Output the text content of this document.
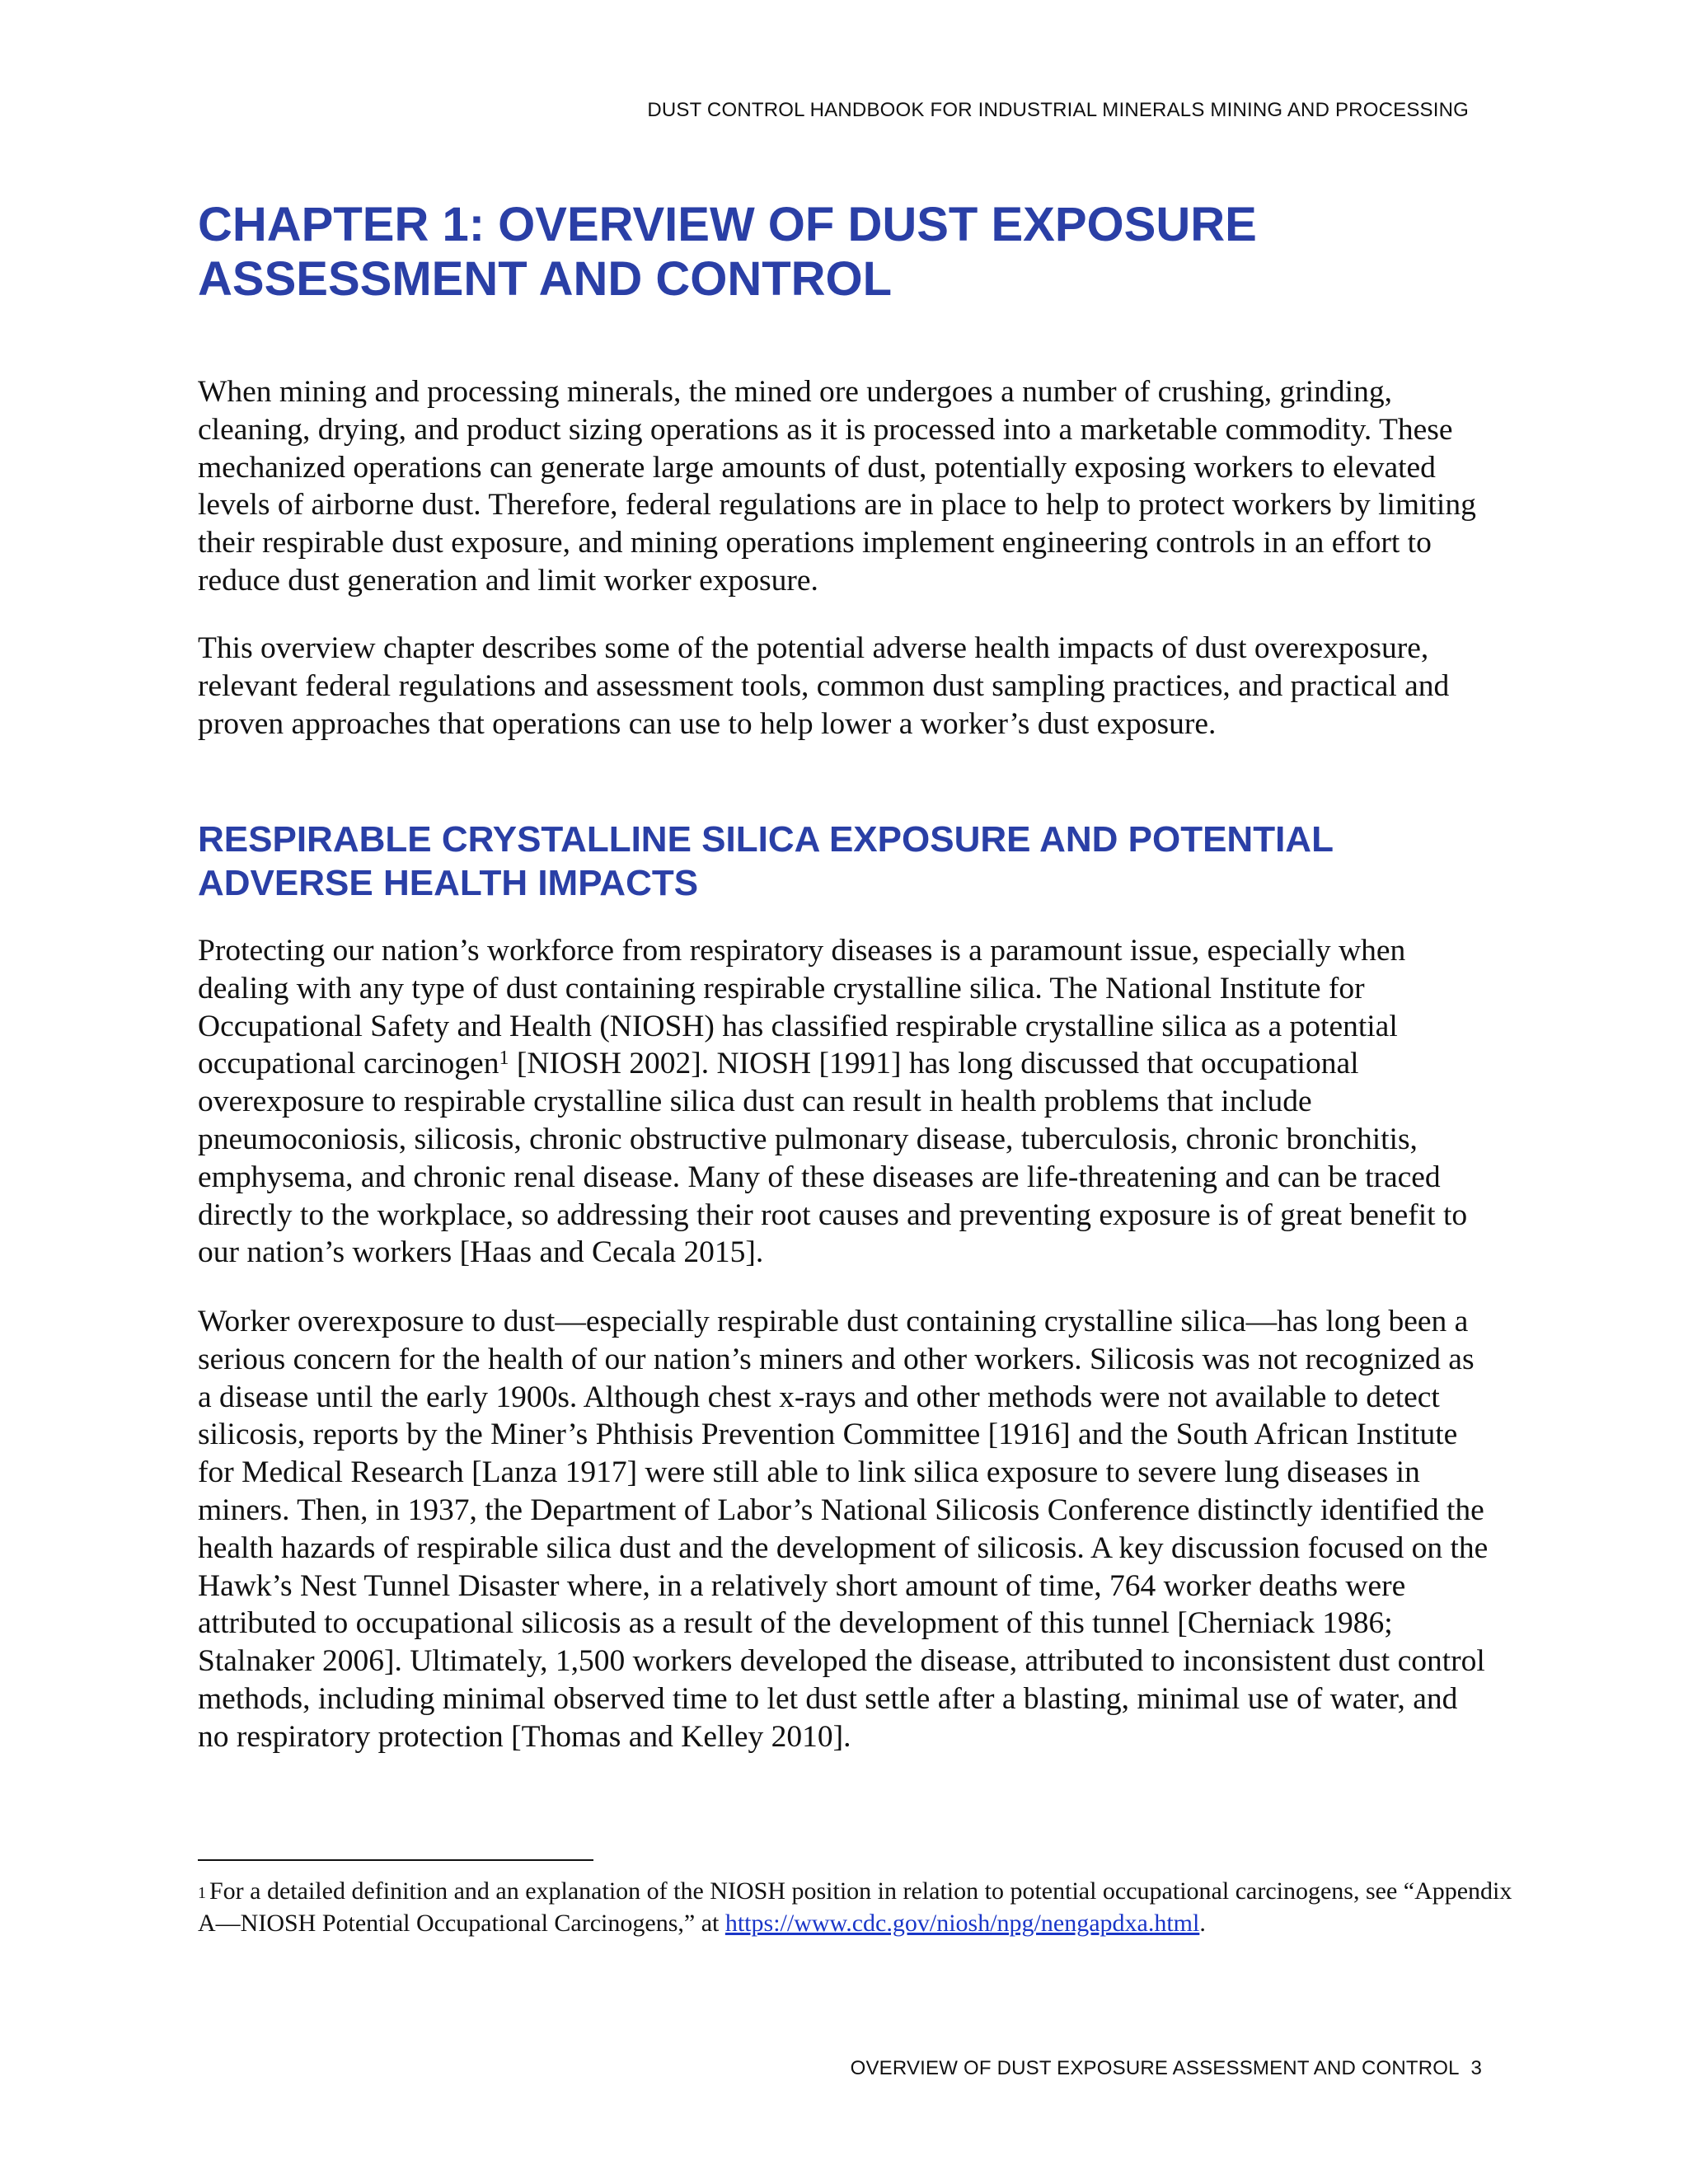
DUST CONTROL HANDBOOK FOR INDUSTRIAL MINERALS MINING AND PROCESSING
CHAPTER 1: OVERVIEW OF DUST EXPOSURE
ASSESSMENT AND CONTROL

When mining and processing minerals, the mined ore undergoes a number of crushing, grinding, cleaning, drying, and product sizing operations as it is processed into a marketable commodity. These mechanized operations can generate large amounts of dust, potentially exposing workers to elevated levels of airborne dust. Therefore, federal regulations are in place to help to protect workers by limiting their respirable dust exposure, and mining operations implement engineering controls in an effort to reduce dust generation and limit worker exposure.

This overview chapter describes some of the potential adverse health impacts of dust overexposure, relevant federal regulations and assessment tools, common dust sampling practices, and practical and proven approaches that operations can use to help lower a worker’s dust exposure.

RESPIRABLE CRYSTALLINE SILICA EXPOSURE AND POTENTIAL
ADVERSE HEALTH IMPACTS

Protecting our nation’s workforce from respiratory diseases is a paramount issue, especially when dealing with any type of dust containing respirable crystalline silica. The National Institute for Occupational Safety and Health (NIOSH) has classified respirable crystalline silica as a potential occupational carcinogen$^1$ [NIOSH 2002]. NIOSH [1991] has long discussed that occupational overexposure to respirable crystalline silica dust can result in health problems that include pneumoconiosis, silicosis, chronic obstructive pulmonary disease, tuberculosis, chronic bronchitis, emphysema, and chronic renal disease. Many of these diseases are life-threatening and can be traced directly to the workplace, so addressing their root causes and preventing exposure is of great benefit to our nation’s workers [Haas and Cecala 2015].

Worker overexposure to dust—especially respirable dust containing crystalline silica—has long been a serious concern for the health of our nation’s miners and other workers. Silicosis was not recognized as a disease until the early 1900s. Although chest x-rays and other methods were not available to detect silicosis, reports by the Miner’s Phthisis Prevention Committee [1916] and the South African Institute for Medical Research [Lanza 1917] were still able to link silica exposure to severe lung diseases in miners. Then, in 1937, the Department of Labor’s National Silicosis Conference distinctly identified the health hazards of respirable silica dust and the development of silicosis. A key discussion focused on the Hawk’s Nest Tunnel Disaster where, in a relatively short amount of time, 764 worker deaths were attributed to occupational silicosis as a result of the development of this tunnel [Cherniack 1986; Stalnaker 2006]. Ultimately, 1,500 workers developed the disease, attributed to inconsistent dust control methods, including minimal observed time to let dust settle after a blasting, minimal use of water, and no respiratory protection [Thomas and Kelley 2010].

$^1$ For a detailed definition and an explanation of the NIOSH position in relation to potential occupational carcinogens, see “Appendix A—NIOSH Potential Occupational Carcinogens,” at https://www.cdc.gov/niosh/npg/nengapdxa.html.

OVERVIEW OF DUST EXPOSURE ASSESSMENT AND CONTROL 3
